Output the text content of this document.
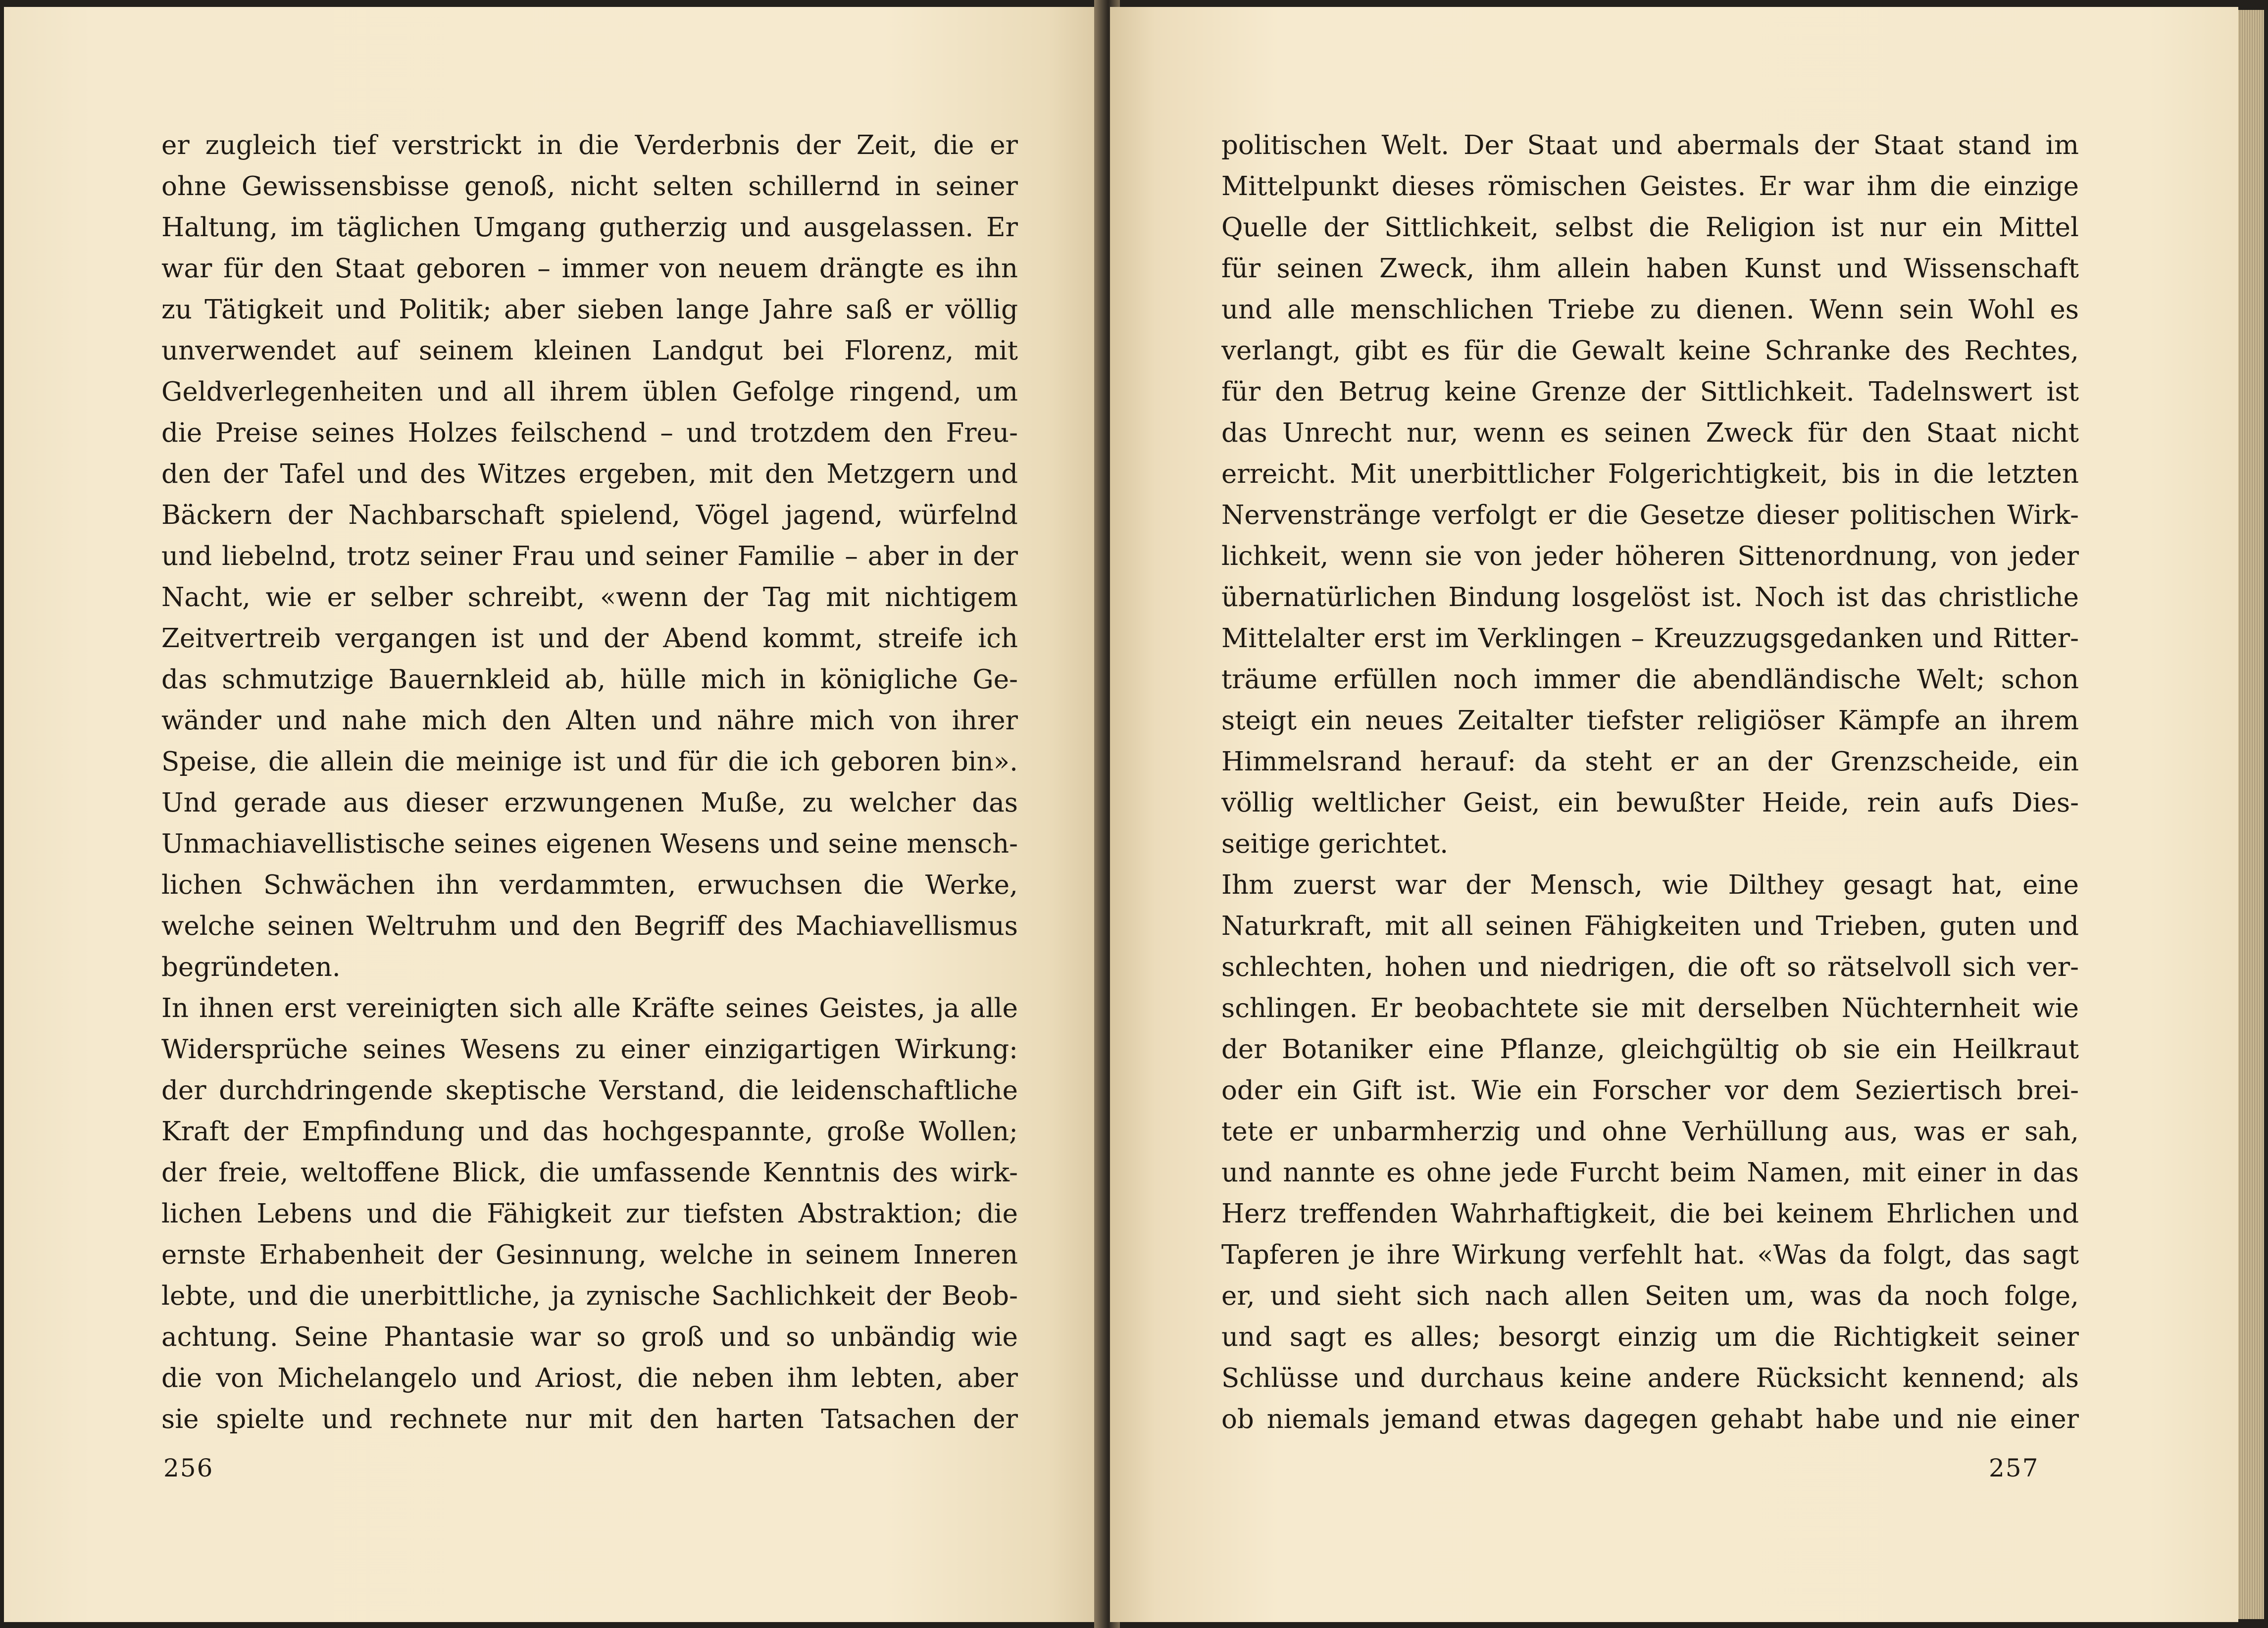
er zugleich tief verstrickt in die Verderbnis der Zeit, die er
ohne Gewissensbisse genoß, nicht selten schillernd in seiner
Haltung, im täglichen Umgang gutherzig und ausgelassen. Er
war für den Staat geboren – immer von neuem drängte es ihn
zu Tätigkeit und Politik; aber sieben lange Jahre saß er völlig
unverwendet auf seinem kleinen Landgut bei Florenz, mit
Geldverlegenheiten und all ihrem üblen Gefolge ringend, um
die Preise seines Holzes feilschend – und trotzdem den Freu-
den der Tafel und des Witzes ergeben, mit den Metzgern und
Bäckern der Nachbarschaft spielend, Vögel jagend, würfelnd
und liebelnd, trotz seiner Frau und seiner Familie – aber in der
Nacht, wie er selber schreibt, «wenn der Tag mit nichtigem
Zeitvertreib vergangen ist und der Abend kommt, streife ich
das schmutzige Bauernkleid ab, hülle mich in königliche Ge-
wänder und nahe mich den Alten und nähre mich von ihrer
Speise, die allein die meinige ist und für die ich geboren bin».
Und gerade aus dieser erzwungenen Muße, zu welcher das
Unmachiavellistische seines eigenen Wesens und seine mensch-
lichen Schwächen ihn verdammten, erwuchsen die Werke,
welche seinen Weltruhm und den Begriff des Machiavellismus
begründeten.
In ihnen erst vereinigten sich alle Kräfte seines Geistes, ja alle
Widersprüche seines Wesens zu einer einzigartigen Wirkung:
der durchdringende skeptische Verstand, die leidenschaftliche
Kraft der Empfindung und das hochgespannte, große Wollen;
der freie, weltoffene Blick, die umfassende Kenntnis des wirk-
lichen Lebens und die Fähigkeit zur tiefsten Abstraktion; die
ernste Erhabenheit der Gesinnung, welche in seinem Inneren
lebte, und die unerbittliche, ja zynische Sachlichkeit der Beob-
achtung. Seine Phantasie war so groß und so unbändig wie
die von Michelangelo und Ariost, die neben ihm lebten, aber
sie spielte und rechnete nur mit den harten Tatsachen der
256
politischen Welt. Der Staat und abermals der Staat stand im
Mittelpunkt dieses römischen Geistes. Er war ihm die einzige
Quelle der Sittlichkeit, selbst die Religion ist nur ein Mittel
für seinen Zweck, ihm allein haben Kunst und Wissenschaft
und alle menschlichen Triebe zu dienen. Wenn sein Wohl es
verlangt, gibt es für die Gewalt keine Schranke des Rechtes,
für den Betrug keine Grenze der Sittlichkeit. Tadelnswert ist
das Unrecht nur, wenn es seinen Zweck für den Staat nicht
erreicht. Mit unerbittlicher Folgerichtigkeit, bis in die letzten
Nervenstränge verfolgt er die Gesetze dieser politischen Wirk-
lichkeit, wenn sie von jeder höheren Sittenordnung, von jeder
übernatürlichen Bindung losgelöst ist. Noch ist das christliche
Mittelalter erst im Verklingen – Kreuzzugsgedanken und Ritter-
träume erfüllen noch immer die abendländische Welt; schon
steigt ein neues Zeitalter tiefster religiöser Kämpfe an ihrem
Himmelsrand herauf: da steht er an der Grenzscheide, ein
völlig weltlicher Geist, ein bewußter Heide, rein aufs Dies-
seitige gerichtet.
Ihm zuerst war der Mensch, wie Dilthey gesagt hat, eine
Naturkraft, mit all seinen Fähigkeiten und Trieben, guten und
schlechten, hohen und niedrigen, die oft so rätselvoll sich ver-
schlingen. Er beobachtete sie mit derselben Nüchternheit wie
der Botaniker eine Pflanze, gleichgültig ob sie ein Heilkraut
oder ein Gift ist. Wie ein Forscher vor dem Seziertisch brei-
tete er unbarmherzig und ohne Verhüllung aus, was er sah,
und nannte es ohne jede Furcht beim Namen, mit einer in das
Herz treffenden Wahrhaftigkeit, die bei keinem Ehrlichen und
Tapferen je ihre Wirkung verfehlt hat. «Was da folgt, das sagt
er, und sieht sich nach allen Seiten um, was da noch folge,
und sagt es alles; besorgt einzig um die Richtigkeit seiner
Schlüsse und durchaus keine andere Rücksicht kennend; als
ob niemals jemand etwas dagegen gehabt habe und nie einer
257
